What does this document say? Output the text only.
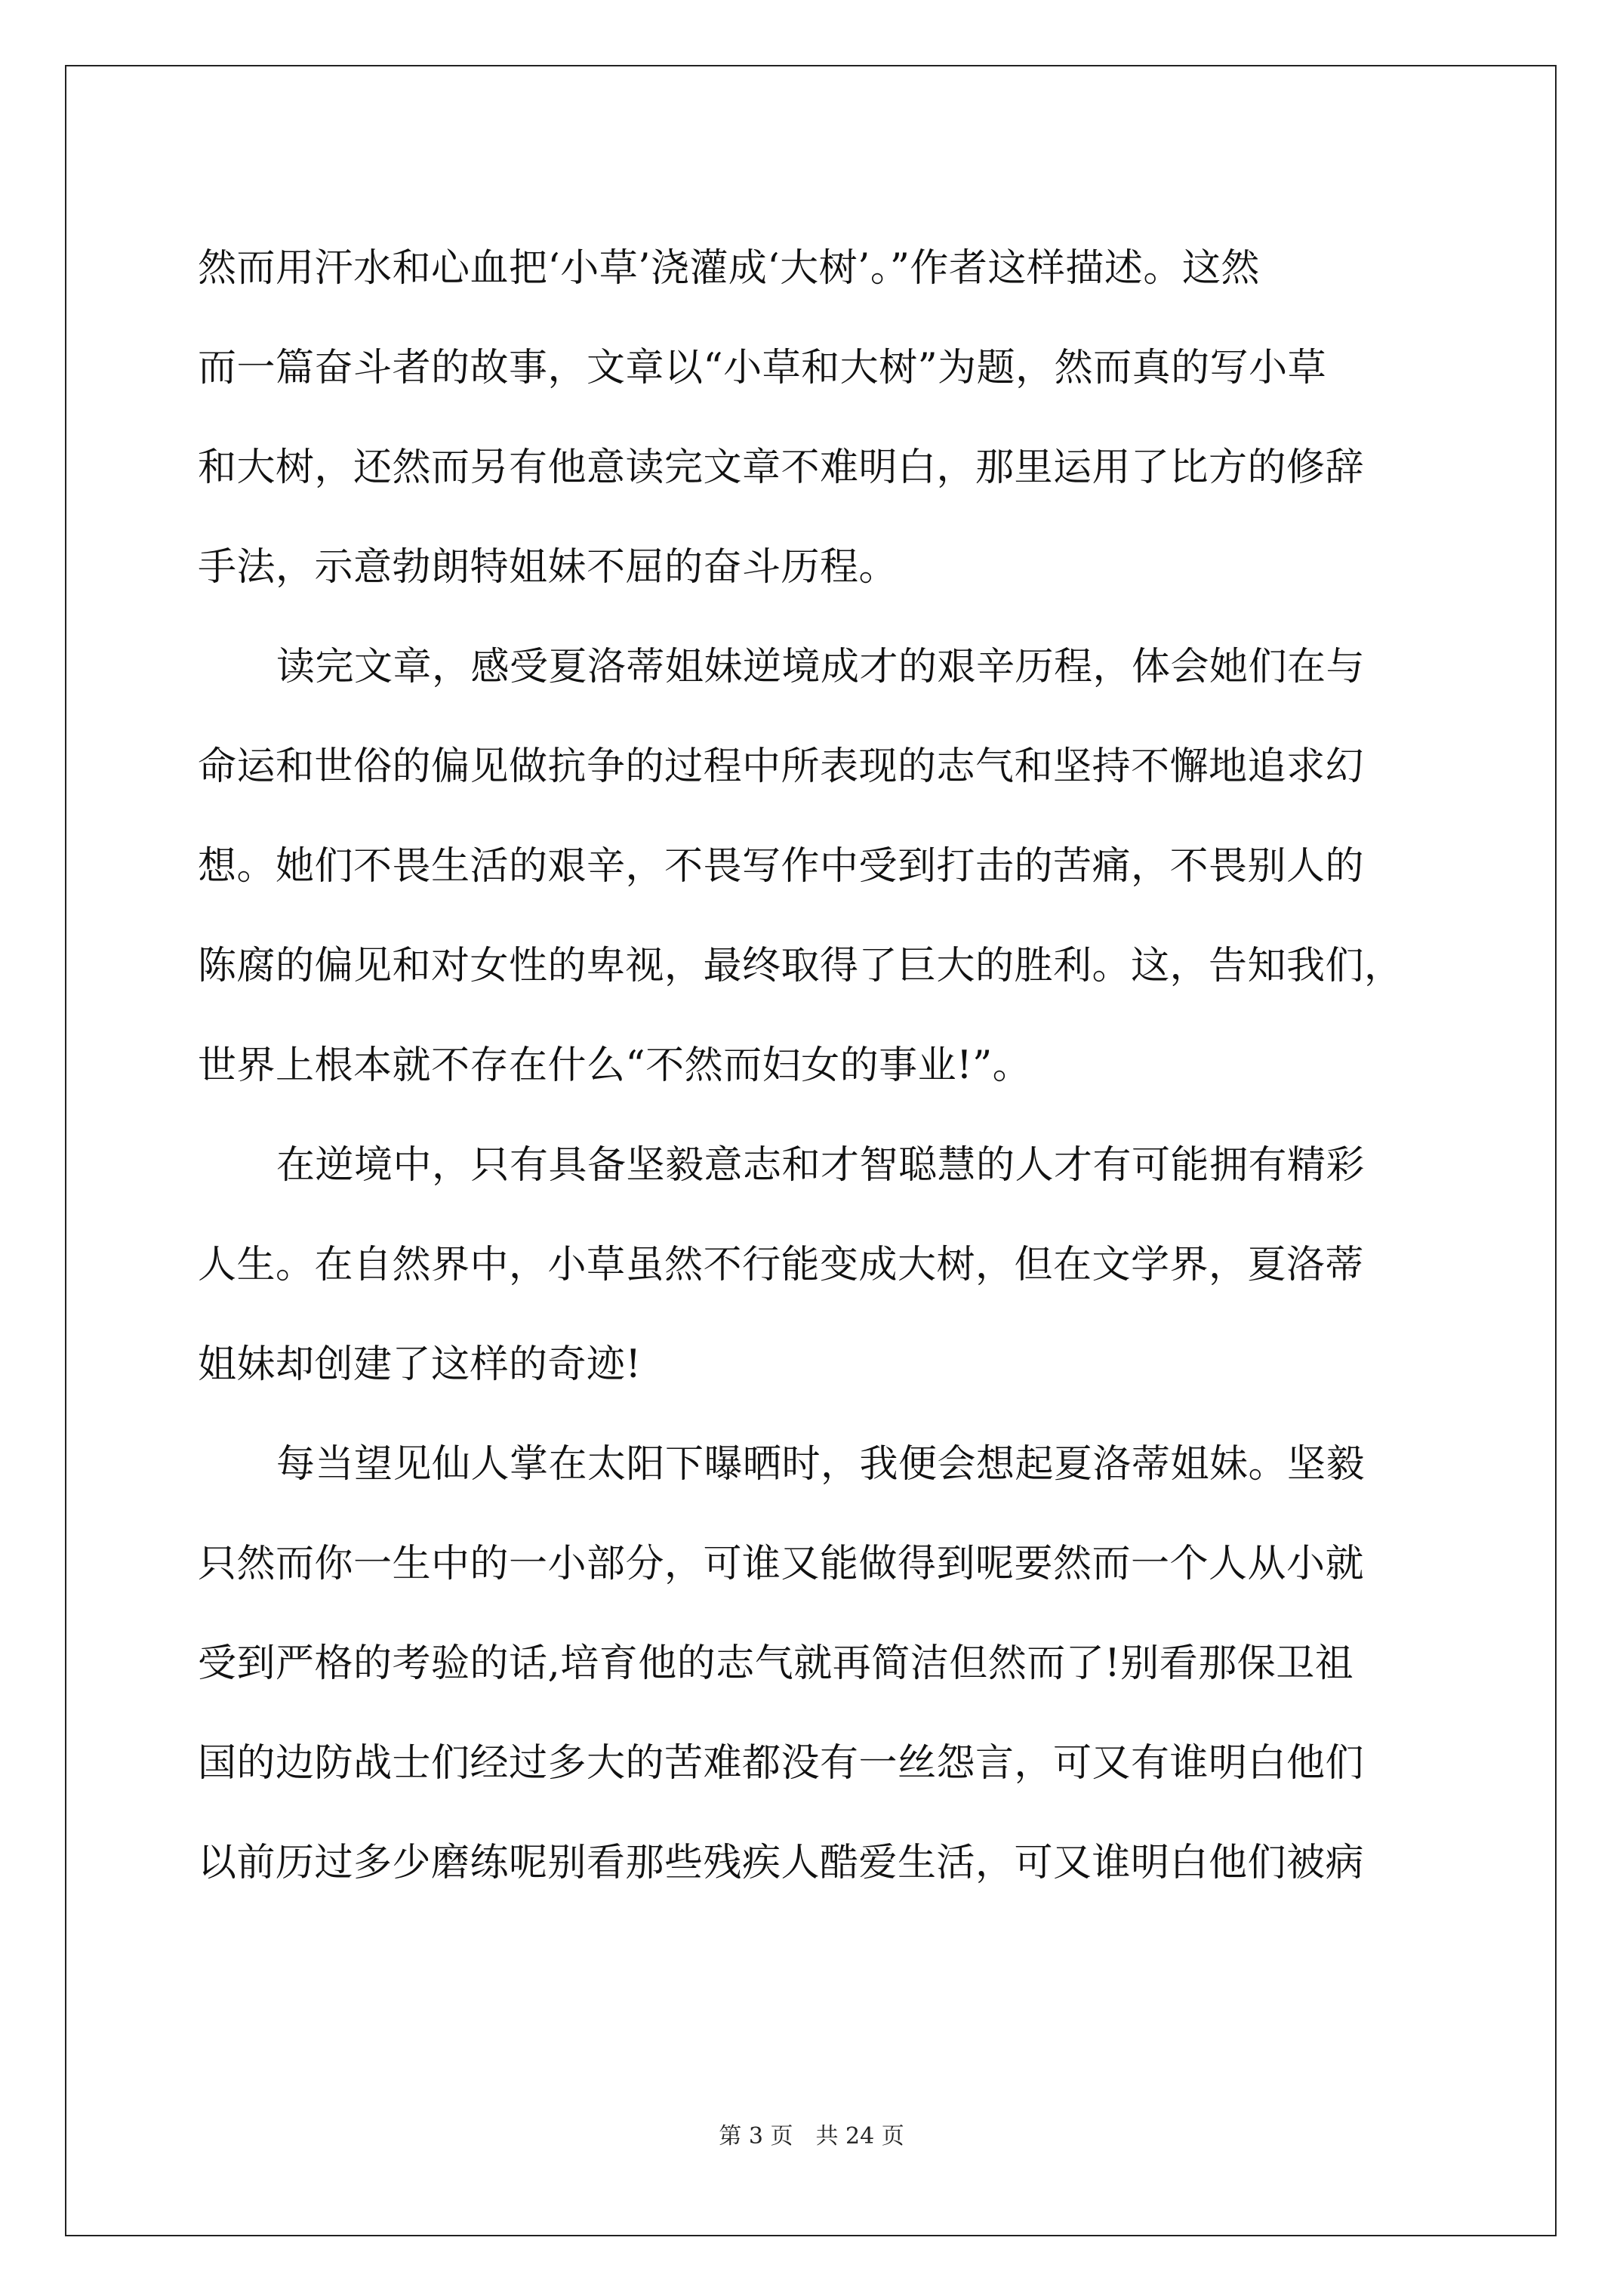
然而用汗水和心血把‘小草’浇灌成‘大树’。”作者这样描述。这然
而一篇奋斗者的故事，文章以“小草和大树”为题，然而真的写小草
和大树，还然而另有他意读完文章不难明白，那里运用了比方的修辞
手法，示意勃朗特姐妹不屈的奋斗历程。
读完文章，感受夏洛蒂姐妹逆境成才的艰辛历程，体会她们在与
命运和世俗的偏见做抗争的过程中所表现的志气和坚持不懈地追求幻
想。她们不畏生活的艰辛，不畏写作中受到打击的苦痛，不畏别人的
陈腐的偏见和对女性的卑视，最终取得了巨大的胜利。这，告知我们，
世界上根本就不存在什么“不然而妇女的事业!”。
在逆境中，只有具备坚毅意志和才智聪慧的人才有可能拥有精彩
人生。在自然界中，小草虽然不行能变成大树，但在文学界，夏洛蒂
姐妹却创建了这样的奇迹!
每当望见仙人掌在太阳下曝晒时，我便会想起夏洛蒂姐妹。坚毅
只然而你一生中的一小部分，可谁又能做得到呢要然而一个人从小就
受到严格的考验的话,培育他的志气就再简洁但然而了!别看那保卫祖
国的边防战士们经过多大的苦难都没有一丝怨言，可又有谁明白他们
以前历过多少磨练呢别看那些残疾人酷爱生活，可又谁明白他们被病
第 3 页　共 24 页
